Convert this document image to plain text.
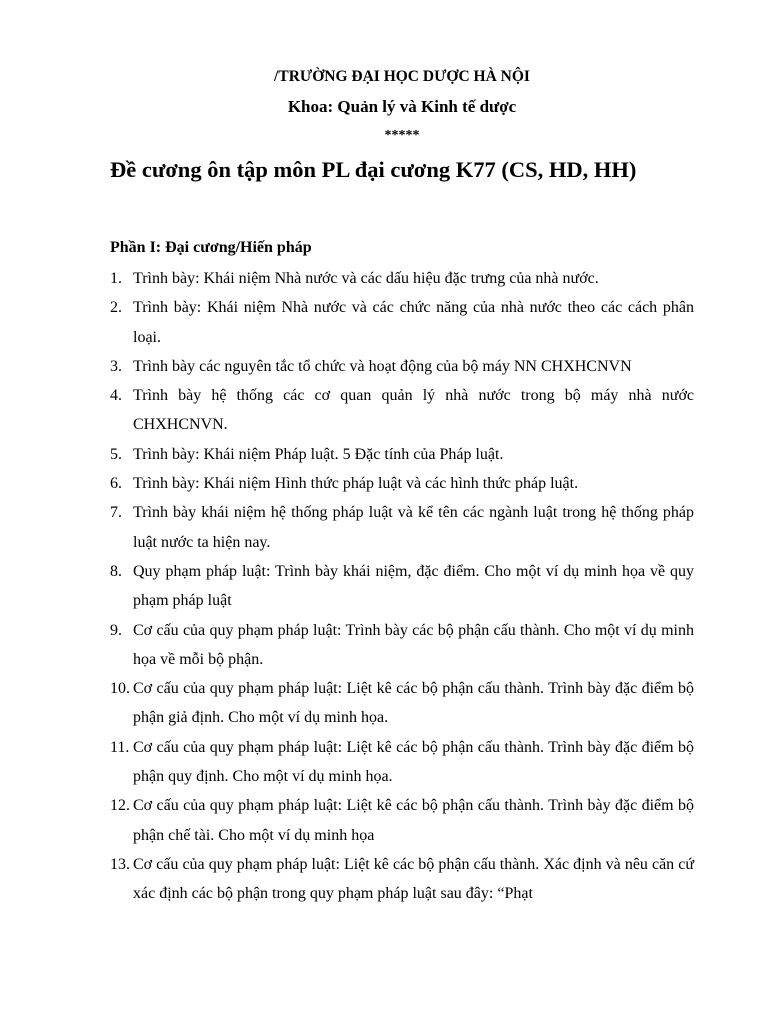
/TRƯỜNG ĐẠI HỌC DƯỢC HÀ NỘI
Khoa: Quản lý và Kinh tế dược
*****
Đề cương ôn tập môn PL đại cương K77 (CS, HD, HH)
Phần I: Đại cương/Hiến pháp
1. Trình bày: Khái niệm Nhà nước và các dấu hiệu đặc trưng của nhà nước.
2. Trình bày: Khái niệm Nhà nước và các chức năng của nhà nước theo các cách phân loại.
3. Trình bày các nguyên tắc tổ chức và hoạt động của bộ máy NN CHXHCNVN
4. Trình bày hệ thống các cơ quan quản lý nhà nước trong bộ máy nhà nước CHXHCNVN.
5. Trình bày: Khái niệm Pháp luật. 5 Đặc tính của Pháp luật.
6. Trình bày: Khái niệm Hình thức pháp luật và các hình thức pháp luật.
7. Trình bày khái niệm hệ thống pháp luật và kể tên các ngành luật trong hệ thống pháp luật nước ta hiện nay.
8. Quy phạm pháp luật: Trình bày khái niệm, đặc điểm. Cho một ví dụ minh họa về quy phạm pháp luật
9. Cơ cấu của quy phạm pháp luật: Trình bày các bộ phận cấu thành. Cho một ví dụ minh họa về mỗi bộ phận.
10. Cơ cấu của quy phạm pháp luật: Liệt kê các bộ phận cấu thành. Trình bày đặc điểm bộ phận giả định. Cho một ví dụ minh họa.
11. Cơ cấu của quy phạm pháp luật: Liệt kê các bộ phận cấu thành. Trình bày đặc điểm bộ phận quy định. Cho một ví dụ minh họa.
12. Cơ cấu của quy phạm pháp luật: Liệt kê các bộ phận cấu thành. Trình bày đặc điểm bộ phận chế tài. Cho một ví dụ minh họa
13. Cơ cấu của quy phạm pháp luật: Liệt kê các bộ phận cấu thành. Xác định và nêu căn cứ xác định các bộ phận trong quy phạm pháp luật sau đây: “Phạt
